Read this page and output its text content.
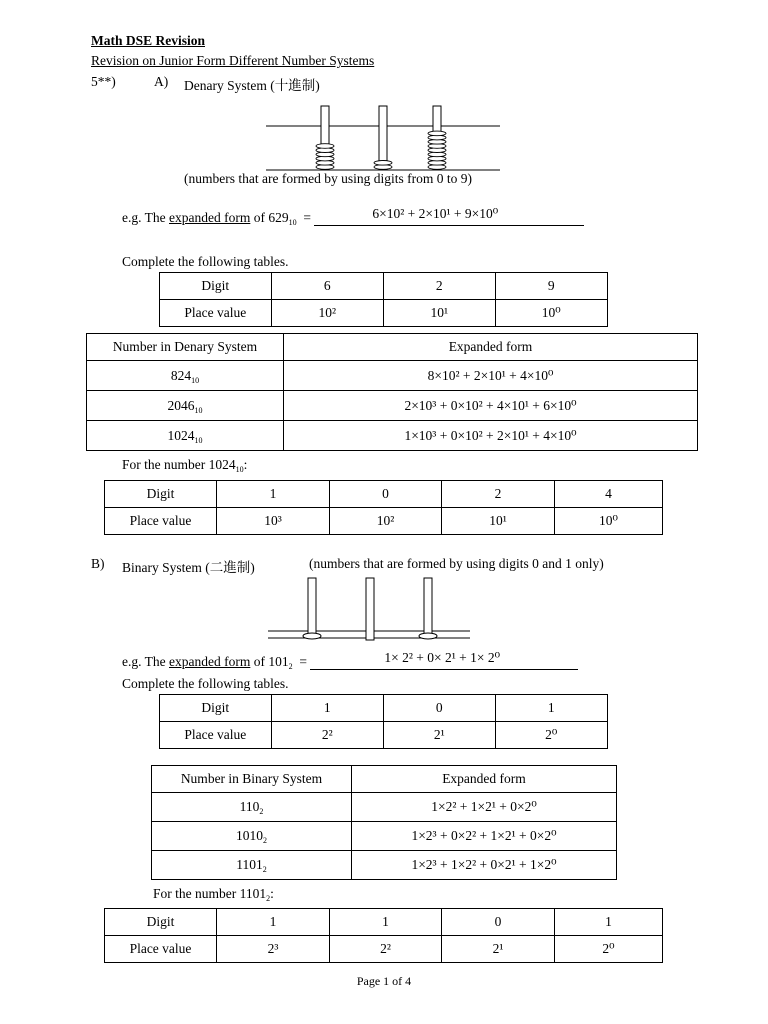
Math DSE Revision
Revision on Junior Form Different Number Systems
5**)	A) Denary System (十進制)
(numbers that are formed by using digits from 0 to 9)
e.g. The expanded form of $629_{10}$ =	6×10² + 2×10¹ + 9×10⁰
Complete the following tables.
Digit	6	2	9
Place value	10²	10¹	10⁰
Number in Denary System	Expanded form
$824_{10}$	8×10² + 2×10¹ + 4×10⁰
$2046_{10}$	2×10³ + 0×10² + 4×10¹ + 6×10⁰
$1024_{10}$	1×10³ + 0×10² + 2×10¹ + 4×10⁰
For the number $1024_{10}$:
Digit	1	0	2	4
Place value	10³	10²	10¹	10⁰
B) Binary System (二進制)	(numbers that are formed by using digits 0 and 1 only)
e.g. The expanded form of $101_2$ =	1× 2² + 0× 2¹ + 1× 2⁰
Complete the following tables.
Digit	1	0	1
Place value	2²	2¹	2⁰
Number in Binary System	Expanded form
$110_2$	1×2² + 1×2¹ + 0×2⁰
$1010_2$	1×2³ + 0×2² + 1×2¹ + 0×2⁰
$1101_2$	1×2³ + 1×2² + 0×2¹ + 1×2⁰
For the number $1101_2$:
Digit	1	1	0	1
Place value	2³	2²	2¹	2⁰
Page 1 of 4
